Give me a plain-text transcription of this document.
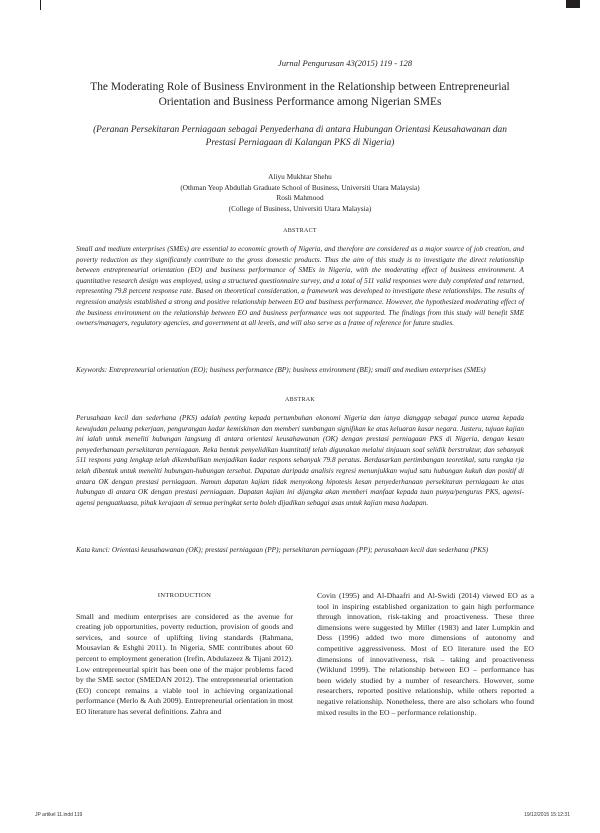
Jurnal Pengurusan 43(2015) 119 - 128
The Moderating Role of Business Environment in the Relationship between Entrepreneurial Orientation and Business Performance among Nigerian SMEs
(Peranan Persekitaran Perniagaan sebagai Penyederhana di antara Hubungan Orientasi Keusahawanan dan Prestasi Perniagaan di Kalangan PKS di Nigeria)
Aliyu Mukhtar Shehu
(Othman Yeop Abdullah Graduate School of Business, Universiti Utara Malaysia)
Rosli Mahmood
(College of Business, Universiti Utara Malaysia)
ABSTRACT
Small and medium enterprises (SMEs) are essential to economic growth of Nigeria, and therefore are considered as a major source of job creation, and poverty reduction as they significantly contribute to the gross domestic products. Thus the aim of this study is to investigate the direct relationship between entrepreneurial orientation (EO) and business performance of SMEs in Nigeria, with the moderating effect of business environment. A quantitative research design was employed, using a structured questionnaire survey, and a total of 511 valid responses were duly completed and returned, representing 79.8 percent response rate. Based on theoretical consideration, a framework was developed to investigate these relationships. The results of regression analysis established a strong and positive relationship between EO and business performance. However, the hypothesized moderating effect of the business environment on the relationship between EO and business performance was not supported. The findings from this study will benefit SME owners/managers, regulatory agencies, and government at all levels, and will also serve as a frame of reference for future studies.
Keywords: Entrepreneurial orientation (EO); business performance (BP); business environment (BE); small and medium enterprises (SMEs)
ABSTRAK
Perusahaan kecil dan sederhana (PKS) adalah penting kepada pertumbuhan ekonomi Nigeria dan ianya dianggap sebagai punca utama kepada kewujudan peluang pekerjaan, pengurangan kadar kemiskinan dan memberi sumbangan signifikan ke atas keluaran kasar negara. Justeru, tujuan kajian ini ialah untuk meneliti hubungan langsung di antara orientasi keusahawanan (OK) dengan prestasi perniagaan PKS di Nigeria, dengan kesan penyederhanaan persekitaran perniagaan. Reka bentuk penyelidikan kuantitatif telah digunakan melalui tinjauan soal selidik berstruktur, dan sebanyak 511 respons yang lengkap telah dikembalikan menjadikan kadar respons sebanyak 79.8 peratus. Berdasarkan pertimbangan teoretikal, satu rangka rja telah dibentuk untuk meneliti hubungan-hubungan tersebut. Dapatan daripada analisis regresi menunjukkan wujud satu hubungan kukuh dan positif di antara OK dengan prestasi perniagaan. Namun dapatan kajian tidak menyokong hipotesis kesan penyederhanaan persekitaran perniagaan ke atas hubungan di antara OK dengan prestasi perniagaan. Dapatan kajian ini dijangka akan memberi manfaat kepada tuan punya/pengurus PKS, agensi-agensi penguatkuasa, pihak kerajaan di semua peringkat serta boleh dijadikan sebagai asas untuk kajian masa hadapan.
Kata kunci: Orientasi keusahawanan (OK); prestasi perniagaan (PP); persekitaran perniagaan (PP); perusahaan kecil dan sederhana (PKS)
INTRODUCTION
Small and medium enterprises are considered as the avenue for creating job opportunities, poverty reduction, provision of goods and services, and source of uplifting living standards (Rahmana, Mousavian & Eshghi 2011). In Nigeria, SME contributes about 60 percent to employment generation (Irefin, Abdulazeez & Tijani 2012). Low entrepreneurial spirit has been one of the major problems faced by the SME sector (SMEDAN 2012). The entrepreneurial orientation (EO) concept remains a viable tool in achieving organizational performance (Merlo & Auh 2009). Entrepreneurial orientation in most EO literature has several definitions. Zahra and
Covin (1995) and Al-Dhaafri and Al-Swidi (2014) viewed EO as a tool in inspiring established organization to gain high performance through innovation, risk-taking and proactiveness. These three dimensions were suggested by Miller (1983) and later Lumpkin and Dess (1996) added two more dimensions of autonomy and competitive aggressiveness. Most of EO literature used the EO dimensions of innovativeness, risk – taking and proactiveness (Wiklund 1999). The relationship between EO – performance has been widely studied by a number of researchers. However, some researchers, reported positive relationship, while others reported a negative relationship. Nonetheless, there are also scholars who found mixed results in the EO – performance relationship.
JP artikel 11.indd 119	19/12/2015 15:12:31
